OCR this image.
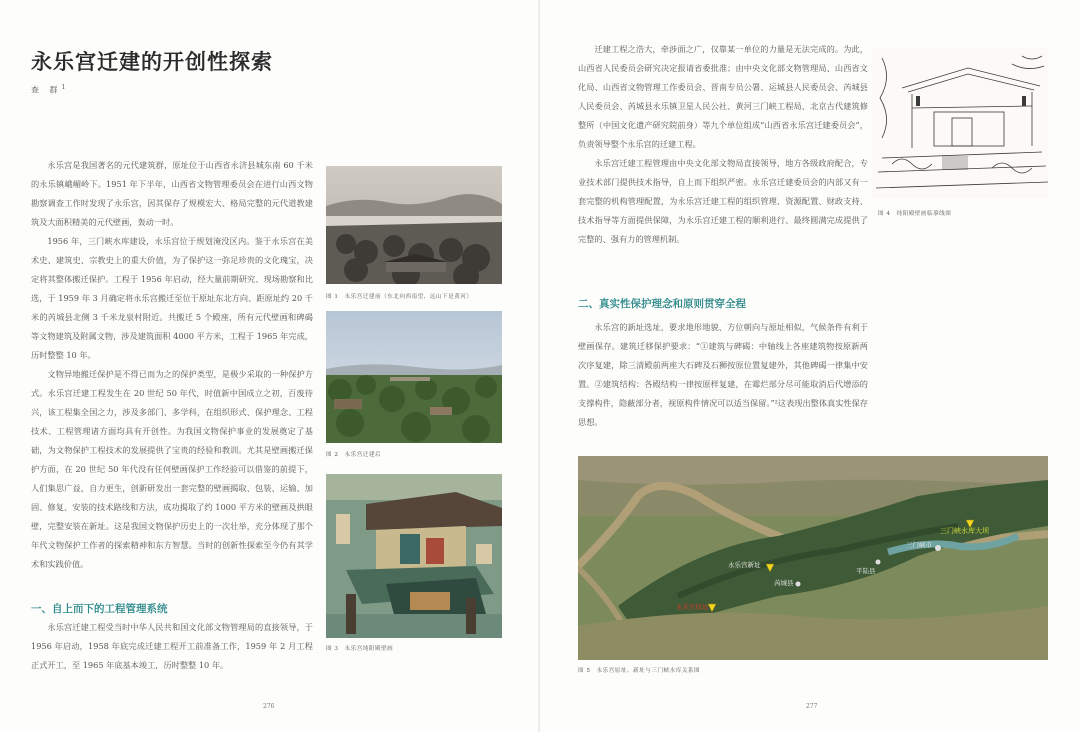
永乐宫迁建的开创性探索
查 群$^1$

永乐宫是我国著名的元代建筑群，原址位于山西省永济县城东南 60 千米的永乐镇峨嵋岭下。1951 年下半年，山西省文物管理委员会在进行山西文物勘察调查工作时发现了永乐宫，因其保存了规模宏大、格局完整的元代道教建筑及大面积精美的元代壁画，轰动一时。

1956 年，三门峡水库建设，永乐宫位于规划淹没区内。鉴于永乐宫在美术史、建筑史、宗教史上的重大价值，为了保护这一弥足珍贵的文化瑰宝，决定将其整体搬迁保护。工程于 1956 年启动，经大量前期研究、现场勘察和比选，于 1959 年 3 月确定将永乐宫搬迁至位于原址东北方向、距原址约 20 千米的芮城县北侧 3 千米龙泉村附近。共搬迁 5 个殿座，所有元代壁画和碑碣等文物建筑及附属文物，涉及建筑面积 4000 平方米，工程于 1965 年完成，历时整整 10 年。

文物异地搬迁保护是不得已而为之的保护类型，是极少采取的一种保护方式。永乐宫迁建工程发生在 20 世纪 50 年代，时值新中国成立之初，百废待兴，该工程集全国之力，涉及多部门、多学科，在组织形式、保护理念、工程技术、工程管理诸方面均具有开创性。为我国文物保护事业的发展奠定了基础，为文物保护工程技术的发展提供了宝贵的经验和教训。尤其是壁画搬迁保护方面，在 20 世纪 50 年代没有任何壁画保护工作经验可以借鉴的前提下，人们集思广益，自力更生，创新研发出一套完整的壁画揭取、包装、运输、加固、修复、安装的技术路线和方法，成功揭取了约 1000 平方米的壁画及拱眼壁，完整安装在新址。这是我国文物保护历史上的一次壮举，充分体现了那个年代文物保护工作者的探索精神和东方智慧。当时的创新性探索至今仍有其学术和实践价值。

一、自上而下的工程管理系统

永乐宫迁建工程受当时中华人民共和国文化部文物管理局的直接领导，于 1956 年启动，1958 年底完成迁建工程开工前准备工作，1959 年 2 月工程正式开工，至 1965 年底基本竣工，历时整整 10 年。

图 1　永乐宫迁建前（东北向西南望，远山下是黄河）
图 2　永乐宫迁建后
图 3　永乐宫纯阳殿壁画
276

迁建工程之浩大，牵涉面之广，仅靠某一单位的力量是无法完成的。为此，山西省人民委员会研究决定报请省委批准；由中央文化部文物管理局、山西省文化局、山西省文物管理工作委员会、晋南专员公署、运城县人民委员会、芮城县人民委员会、芮城县永乐镇卫星人民公社、黄河三门峡工程局、北京古代建筑修整所（中国文化遗产研究院前身）等九个单位组成“山西省永乐宫迁建委员会”，负责领导整个永乐宫的迁建工程。

永乐宫迁建工程管理由中央文化部文物局直接领导，地方各级政府配合，专业技术部门提供技术指导，自上而下组织严密。永乐宫迁建委员会的内部又有一套完整的机构管理配置，为永乐宫迁建工程的组织管理、资源配置、财政支持、技术指导等方面提供保障，为永乐宫迁建工程的顺利进行、最终圆满完成提供了完整的、强有力的管理机制。

二、真实性保护理念和原则贯穿全程

永乐宫的新址选址，要求地形地貌、方位朝向与原址相似，气候条件有利于壁画保存。建筑迁移保护要求：“①建筑与碑碣：中轴线上各座建筑物按原新两次序复建，除三清殿前两座大石碑及石狮按原位置复建外，其他碑碣一律集中安置。②建筑结构：各殿结构一律按原样复建，在霉烂部分尽可能取消后代增添的支撑构件，隐蔽部分者，视原构件情况可以适当保留。”²这表现出整体真实性保存思想。

图 4　纯阳殿壁画临摹线图
三门峡水库大坝
三门峡市
永乐宫新址
芮城县
永乐宫原址
平陆县
图 5　永乐宫原址、新址与三门峡水库关系图
277
